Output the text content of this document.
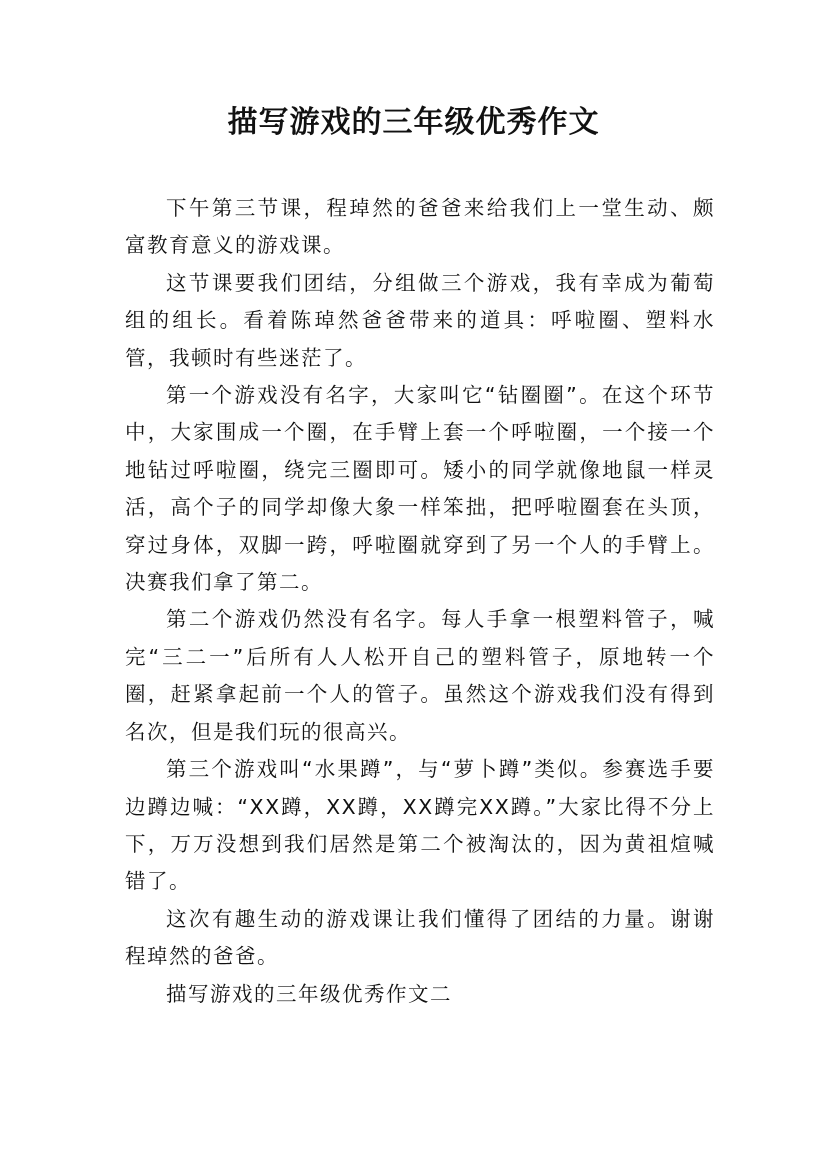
描写游戏的三年级优秀作文

下午第三节课，程琸然的爸爸来给我们上一堂生动、颇富教育意义的游戏课。

这节课要我们团结，分组做三个游戏，我有幸成为葡萄组的组长。看着陈琸然爸爸带来的道具：呼啦圈、塑料水管，我顿时有些迷茫了。

第一个游戏没有名字，大家叫它“钻圈圈”。在这个环节中，大家围成一个圈，在手臂上套一个呼啦圈，一个接一个地钻过呼啦圈，绕完三圈即可。矮小的同学就像地鼠一样灵活，高个子的同学却像大象一样笨拙，把呼啦圈套在头顶，穿过身体，双脚一跨，呼啦圈就穿到了另一个人的手臂上。决赛我们拿了第二。

第二个游戏仍然没有名字。每人手拿一根塑料管子，喊完“三二一”后所有人人松开自己的塑料管子，原地转一个圈，赶紧拿起前一个人的管子。虽然这个游戏我们没有得到名次，但是我们玩的很高兴。

第三个游戏叫“水果蹲”，与“萝卜蹲”类似。参赛选手要边蹲边喊：“XX蹲，XX蹲，XX蹲完XX蹲。”大家比得不分上下，万万没想到我们居然是第二个被淘汰的，因为黄祖煊喊错了。

这次有趣生动的游戏课让我们懂得了团结的力量。谢谢程琸然的爸爸。

描写游戏的三年级优秀作文二
